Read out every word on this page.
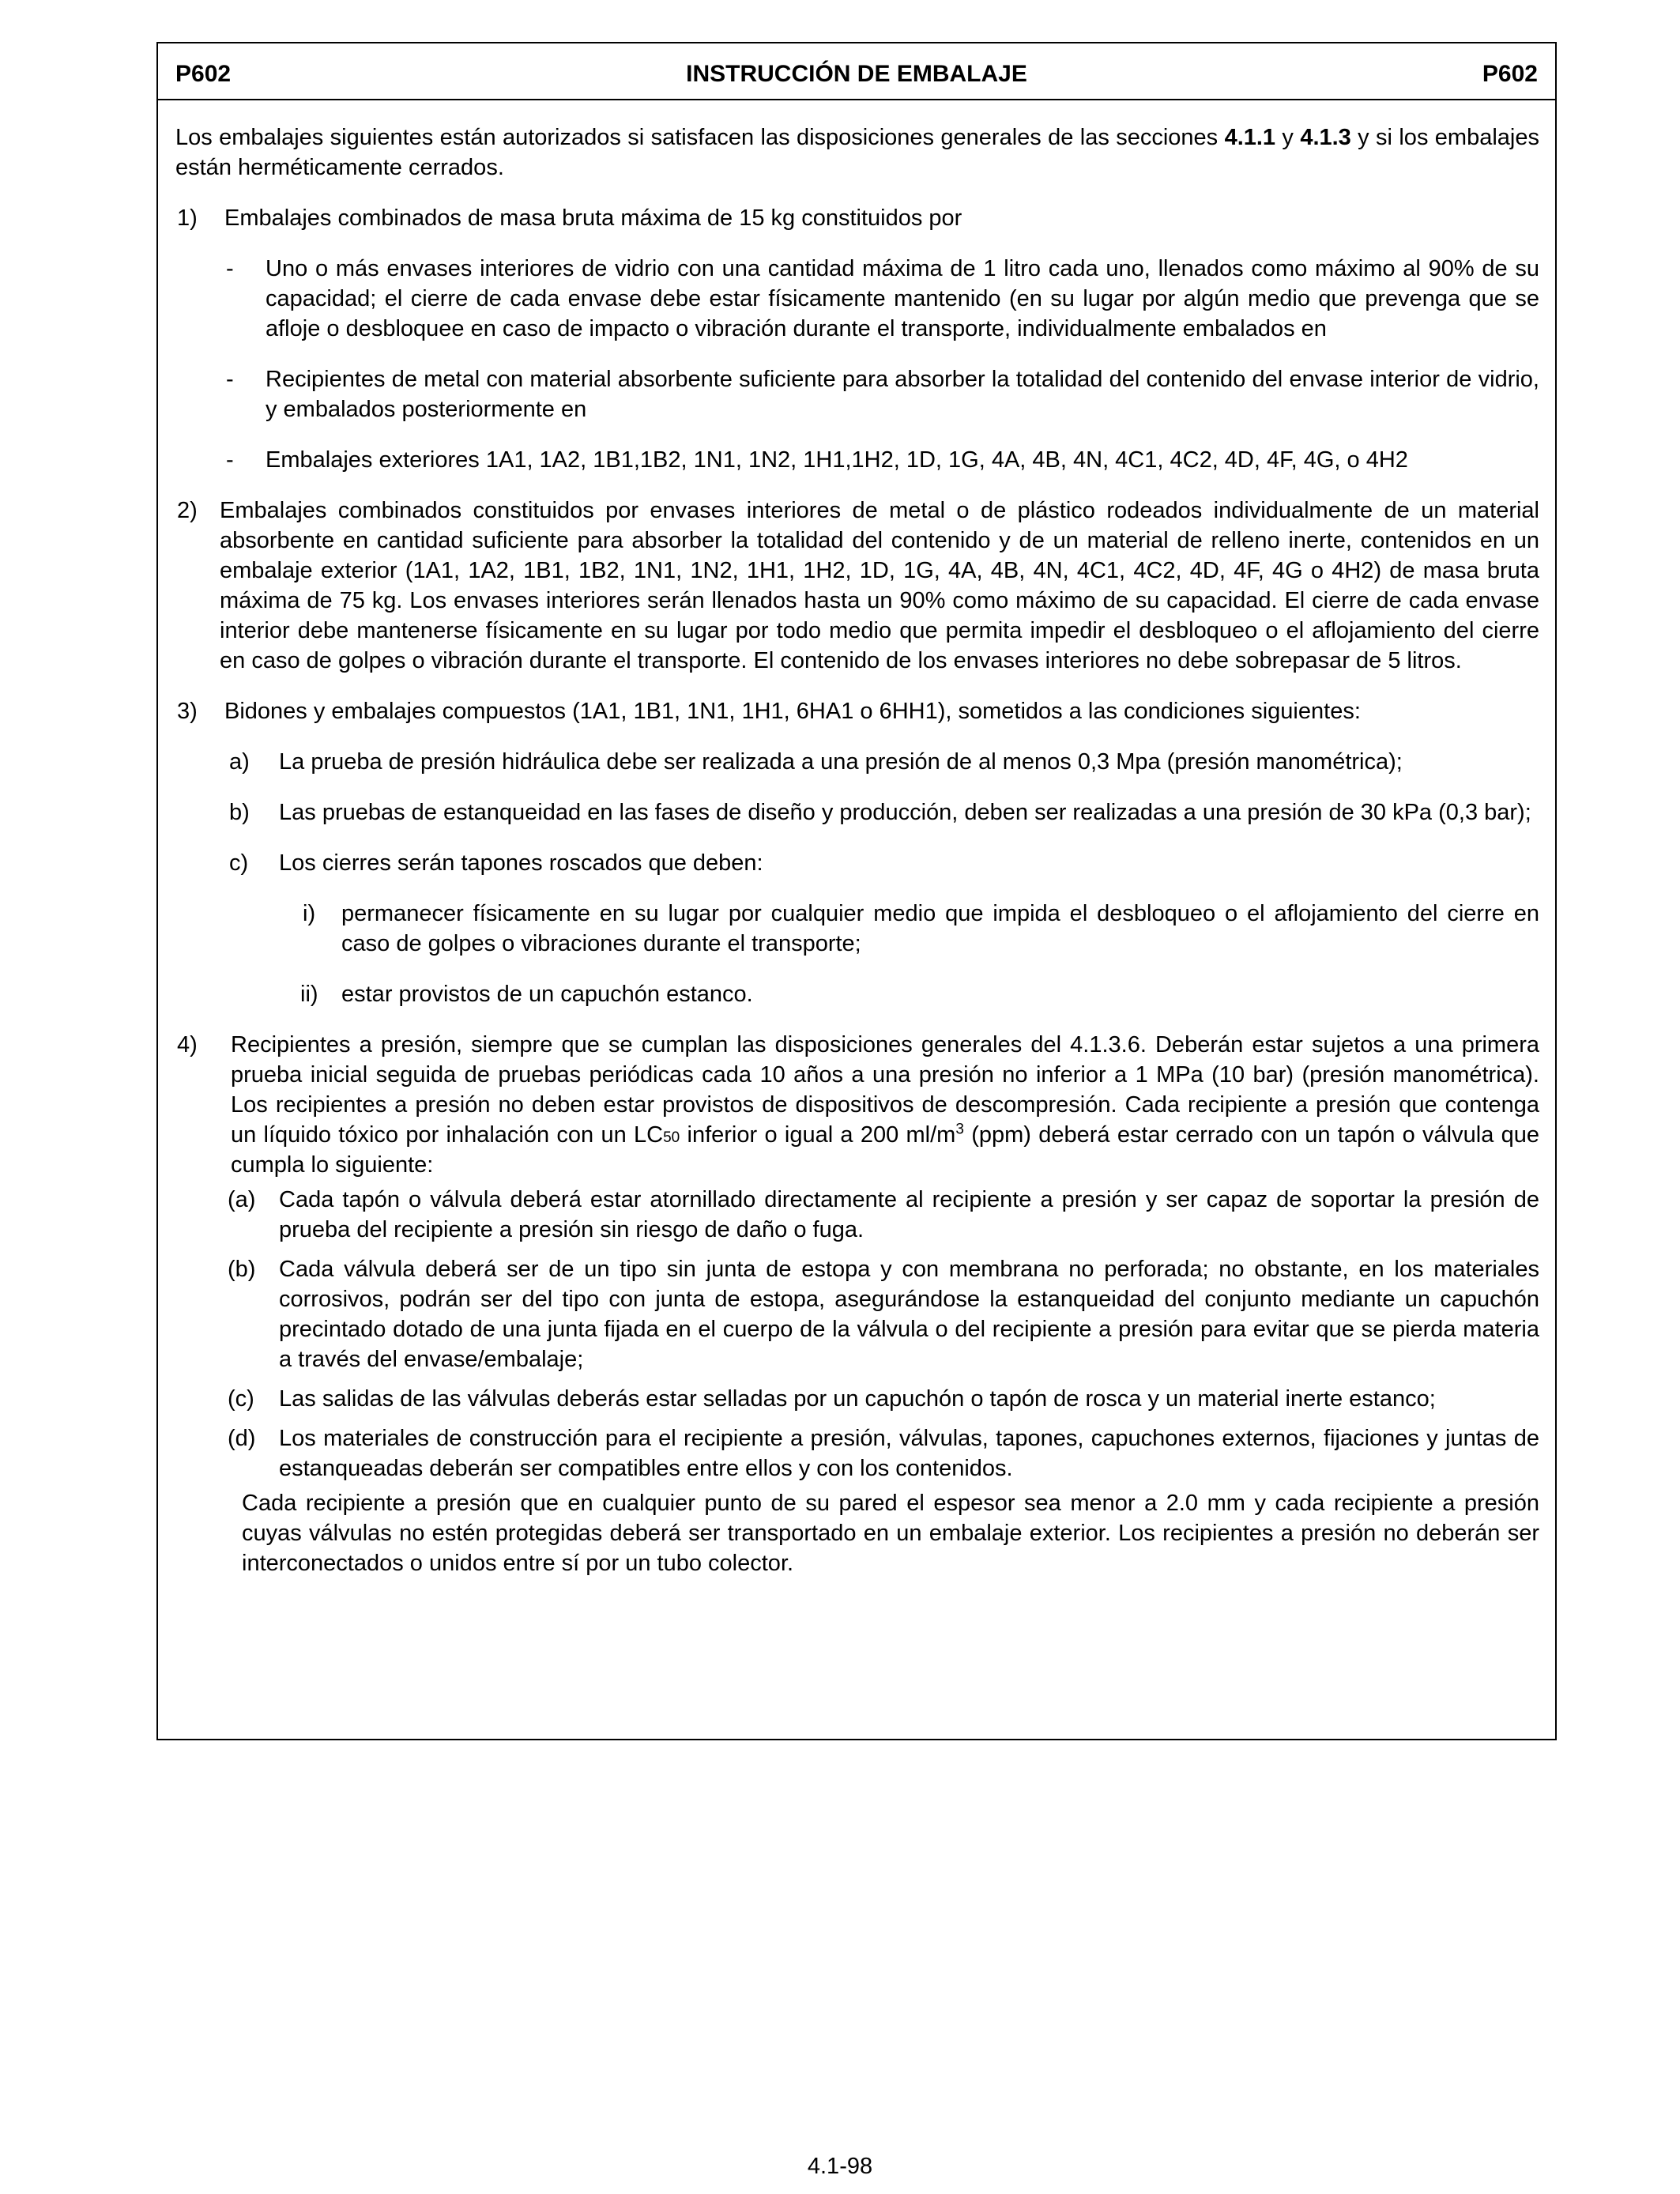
P602	INSTRUCCIÓN DE EMBALAJE	P602

Los embalajes siguientes están autorizados si satisfacen las disposiciones generales de las secciones 4.1.1 y 4.1.3 y si los embalajes están herméticamente cerrados.

1) Embalajes combinados de masa bruta máxima de 15 kg constituidos por

- Uno o más envases interiores de vidrio con una cantidad máxima de 1 litro cada uno, llenados como máximo al 90% de su capacidad; el cierre de cada envase debe estar físicamente mantenido (en su lugar por algún medio que prevenga que se afloje o desbloquee en caso de impacto o vibración durante el transporte, individualmente embalados en

- Recipientes de metal con material absorbente suficiente para absorber la totalidad del contenido del envase interior de vidrio, y embalados posteriormente en

- Embalajes exteriores 1A1, 1A2, 1B1,1B2, 1N1, 1N2, 1H1,1H2, 1D, 1G, 4A, 4B, 4N, 4C1, 4C2, 4D, 4F, 4G, o 4H2

2) Embalajes combinados constituidos por envases interiores de metal o de plástico rodeados individualmente de un material absorbente en cantidad suficiente para absorber la totalidad del contenido y de un material de relleno inerte, contenidos en un embalaje exterior (1A1, 1A2, 1B1, 1B2, 1N1, 1N2, 1H1, 1H2, 1D, 1G, 4A, 4B, 4N, 4C1, 4C2, 4D, 4F, 4G o 4H2) de masa bruta máxima de 75 kg. Los envases interiores serán llenados hasta un 90% como máximo de su capacidad. El cierre de cada envase interior debe mantenerse físicamente en su lugar por todo medio que permita impedir el desbloqueo o el aflojamiento del cierre en caso de golpes o vibración durante el transporte. El contenido de los envases interiores no debe sobrepasar de 5 litros.

3) Bidones y embalajes compuestos (1A1, 1B1, 1N1, 1H1, 6HA1 o 6HH1), sometidos a las condiciones siguientes:

a) La prueba de presión hidráulica debe ser realizada a una presión de al menos 0,3 Mpa (presión manométrica);

b) Las pruebas de estanqueidad en las fases de diseño y producción, deben ser realizadas a una presión de 30 kPa (0,3 bar);

c) Los cierres serán tapones roscados que deben:

i) permanecer físicamente en su lugar por cualquier medio que impida el desbloqueo o el aflojamiento del cierre en caso de golpes o vibraciones durante el transporte;

ii) estar provistos de un capuchón estanco.

4) Recipientes a presión, siempre que se cumplan las disposiciones generales del 4.1.3.6. Deberán estar sujetos a una primera prueba inicial seguida de pruebas periódicas cada 10 años a una presión no inferior a 1 MPa (10 bar) (presión manométrica). Los recipientes a presión no deben estar provistos de dispositivos de descompresión. Cada recipiente a presión que contenga un líquido tóxico por inhalación con un LC50 inferior o igual a 200 $ml/m^3$ (ppm) deberá estar cerrado con un tapón o válvula que cumpla lo siguiente:

(a) Cada tapón o válvula deberá estar atornillado directamente al recipiente a presión y ser capaz de soportar la presión de prueba del recipiente a presión sin riesgo de daño o fuga.

(b) Cada válvula deberá ser de un tipo sin junta de estopa y con membrana no perforada; no obstante, en los materiales corrosivos, podrán ser del tipo con junta de estopa, asegurándose la estanqueidad del conjunto mediante un capuchón precintado dotado de una junta fijada en el cuerpo de la válvula o del recipiente a presión para evitar que se pierda materia a través del envase/embalaje;

(c) Las salidas de las válvulas deberás estar selladas por un capuchón o tapón de rosca y un material inerte estanco;

(d) Los materiales de construcción para el recipiente a presión, válvulas, tapones, capuchones externos, fijaciones y juntas de estanqueadas deberán ser compatibles entre ellos y con los contenidos.

Cada recipiente a presión que en cualquier punto de su pared el espesor sea menor a 2.0 mm y cada recipiente a presión cuyas válvulas no estén protegidas deberá ser transportado en un embalaje exterior. Los recipientes a presión no deberán ser interconectados o unidos entre sí por un tubo colector.

4.1-98
